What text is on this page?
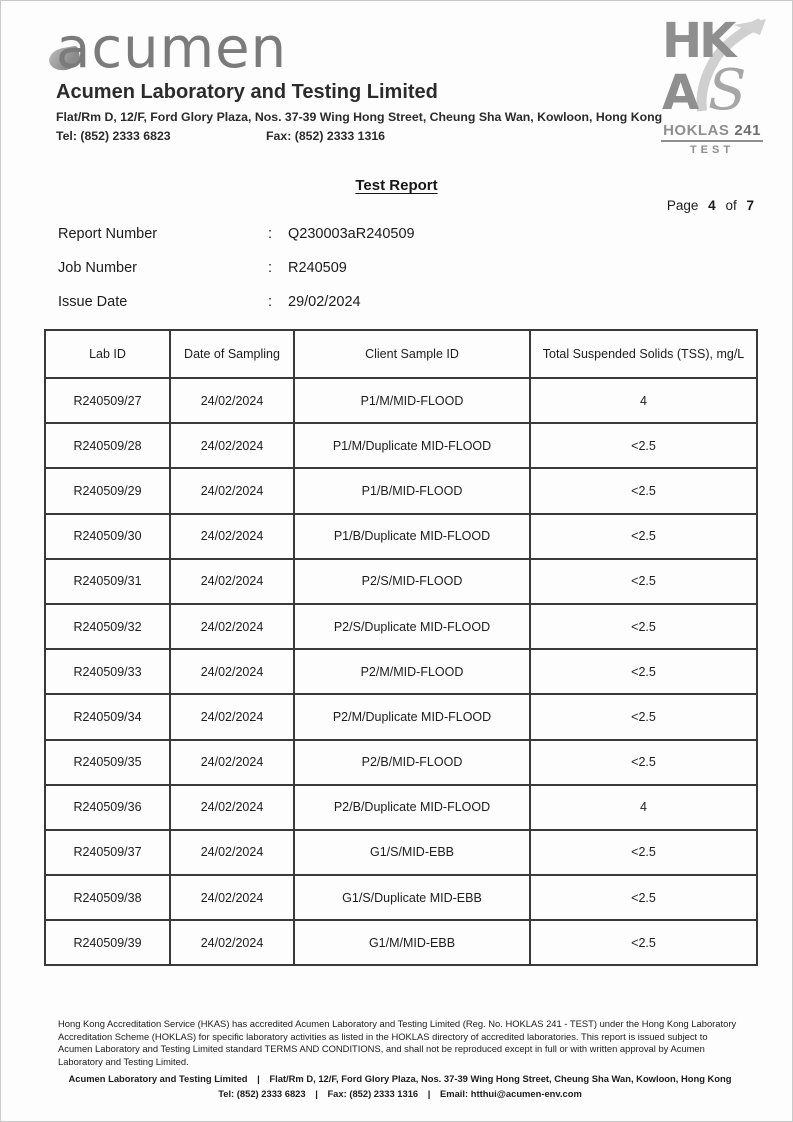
acumen
Acumen Laboratory and Testing Limited
Flat/Rm D, 12/F, Ford Glory Plaza, Nos. 37-39 Wing Hong Street, Cheung Sha Wan, Kowloon, Hong Kong
Tel: (852) 2333 6823	Fax: (852) 2333 1316
HK
A S
HOKLAS 241
TEST
Test Report
Page 4 of 7
Report Number	:	Q230003aR240509
Job Number	:	R240509
Issue Date	:	29/02/2024
Lab ID	Date of Sampling	Client Sample ID	Total Suspended Solids (TSS), mg/L
R240509/27	24/02/2024	P1/M/MID-FLOOD	4
R240509/28	24/02/2024	P1/M/Duplicate MID-FLOOD	<2.5
R240509/29	24/02/2024	P1/B/MID-FLOOD	<2.5
R240509/30	24/02/2024	P1/B/Duplicate MID-FLOOD	<2.5
R240509/31	24/02/2024	P2/S/MID-FLOOD	<2.5
R240509/32	24/02/2024	P2/S/Duplicate MID-FLOOD	<2.5
R240509/33	24/02/2024	P2/M/MID-FLOOD	<2.5
R240509/34	24/02/2024	P2/M/Duplicate MID-FLOOD	<2.5
R240509/35	24/02/2024	P2/B/MID-FLOOD	<2.5
R240509/36	24/02/2024	P2/B/Duplicate MID-FLOOD	4
R240509/37	24/02/2024	G1/S/MID-EBB	<2.5
R240509/38	24/02/2024	G1/S/Duplicate MID-EBB	<2.5
R240509/39	24/02/2024	G1/M/MID-EBB	<2.5
Hong Kong Accreditation Service (HKAS) has accredited Acumen Laboratory and Testing Limited (Reg. No. HOKLAS 241 - TEST) under the Hong Kong Laboratory Accreditation Scheme (HOKLAS) for specific laboratory activities as listed in the HOKLAS directory of accredited laboratories. This report is issued subject to Acumen Laboratory and Testing Limited standard TERMS AND CONDITIONS, and shall not be reproduced except in full or with written approval by Acumen Laboratory and Testing Limited.
Acumen Laboratory and Testing Limited | Flat/Rm D, 12/F, Ford Glory Plaza, Nos. 37-39 Wing Hong Street, Cheung Sha Wan, Kowloon, Hong Kong
Tel: (852) 2333 6823 | Fax: (852) 2333 1316 | Email: htthui@acumen-env.com
